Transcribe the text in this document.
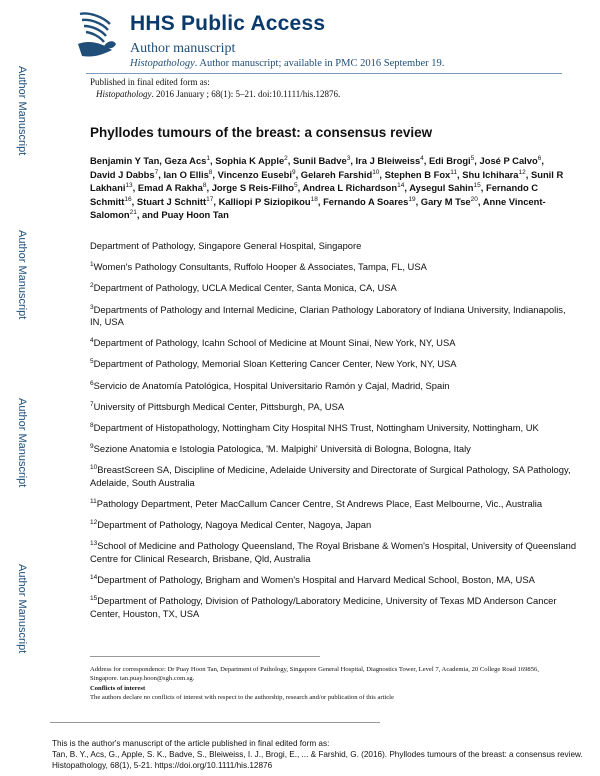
Author Manuscript
Author Manuscript
Author Manuscript
Author Manuscript
HHS Public Access
Author manuscript
Histopathology. Author manuscript; available in PMC 2016 September 19.
Published in final edited form as:
Histopathology. 2016 January ; 68(1): 5–21. doi:10.1111/his.12876.
Phyllodes tumours of the breast: a consensus review
Benjamin Y Tan, Geza Acs$^1$, Sophia K Apple$^2$, Sunil Badve$^3$, Ira J Bleiweiss$^4$, Edi Brogi$^5$, José P Calvo$^6$, David J Dabbs$^7$, Ian O Ellis$^8$, Vincenzo Eusebi$^9$, Gelareh Farshid$^{10}$, Stephen B Fox$^{11}$, Shu Ichihara$^{12}$, Sunil R Lakhani$^{13}$, Emad A Rakha$^8$, Jorge S Reis-Filho$^5$, Andrea L Richardson$^{14}$, Aysegul Sahin$^{15}$, Fernando C Schmitt$^{16}$, Stuart J Schnitt$^{17}$, Kalliopi P Siziopikou$^{18}$, Fernando A Soares$^{19}$, Gary M Tse$^{20}$, Anne Vincent-Salomon$^{21}$, and Puay Hoon Tan
Department of Pathology, Singapore General Hospital, Singapore
$^1$Women's Pathology Consultants, Ruffolo Hooper & Associates, Tampa, FL, USA
$^2$Department of Pathology, UCLA Medical Center, Santa Monica, CA, USA
$^3$Departments of Pathology and Internal Medicine, Clarian Pathology Laboratory of Indiana University, Indianapolis, IN, USA
$^4$Department of Pathology, Icahn School of Medicine at Mount Sinai, New York, NY, USA
$^5$Department of Pathology, Memorial Sloan Kettering Cancer Center, New York, NY, USA
$^6$Servicio de Anatomía Patológica, Hospital Universitario Ramón y Cajal, Madrid, Spain
$^7$University of Pittsburgh Medical Center, Pittsburgh, PA, USA
$^8$Department of Histopathology, Nottingham City Hospital NHS Trust, Nottingham University, Nottingham, UK
$^9$Sezione Anatomia e Istologia Patologica, 'M. Malpighi' Università di Bologna, Bologna, Italy
$^{10}$BreastScreen SA, Discipline of Medicine, Adelaide University and Directorate of Surgical Pathology, SA Pathology, Adelaide, South Australia
$^{11}$Pathology Department, Peter MacCallum Cancer Centre, St Andrews Place, East Melbourne, Vic., Australia
$^{12}$Department of Pathology, Nagoya Medical Center, Nagoya, Japan
$^{13}$School of Medicine and Pathology Queensland, The Royal Brisbane & Women's Hospital, University of Queensland Centre for Clinical Research, Brisbane, Qld, Australia
$^{14}$Department of Pathology, Brigham and Women's Hospital and Harvard Medical School, Boston, MA, USA
$^{15}$Department of Pathology, Division of Pathology/Laboratory Medicine, University of Texas MD Anderson Cancer Center, Houston, TX, USA
Address for correspondence: Dr Puay Hoon Tan, Department of Pathology, Singapore General Hospital, Diagnostics Tower, Level 7, Academia, 20 College Road 169856, Singapore. tan.puay.hoon@sgh.com.sg.
Conflicts of interest
The authors declare no conflicts of interest with respect to the authorship, research and/or publication of this article
This is the author's manuscript of the article published in final edited form as:
Tan, B. Y., Acs, G., Apple, S. K., Badve, S., Bleiweiss, I. J., Brogi, E., ... & Farshid, G. (2016). Phyllodes tumours of the breast: a consensus review. Histopathology, 68(1), 5-21. https://doi.org/10.1111/his.12876
